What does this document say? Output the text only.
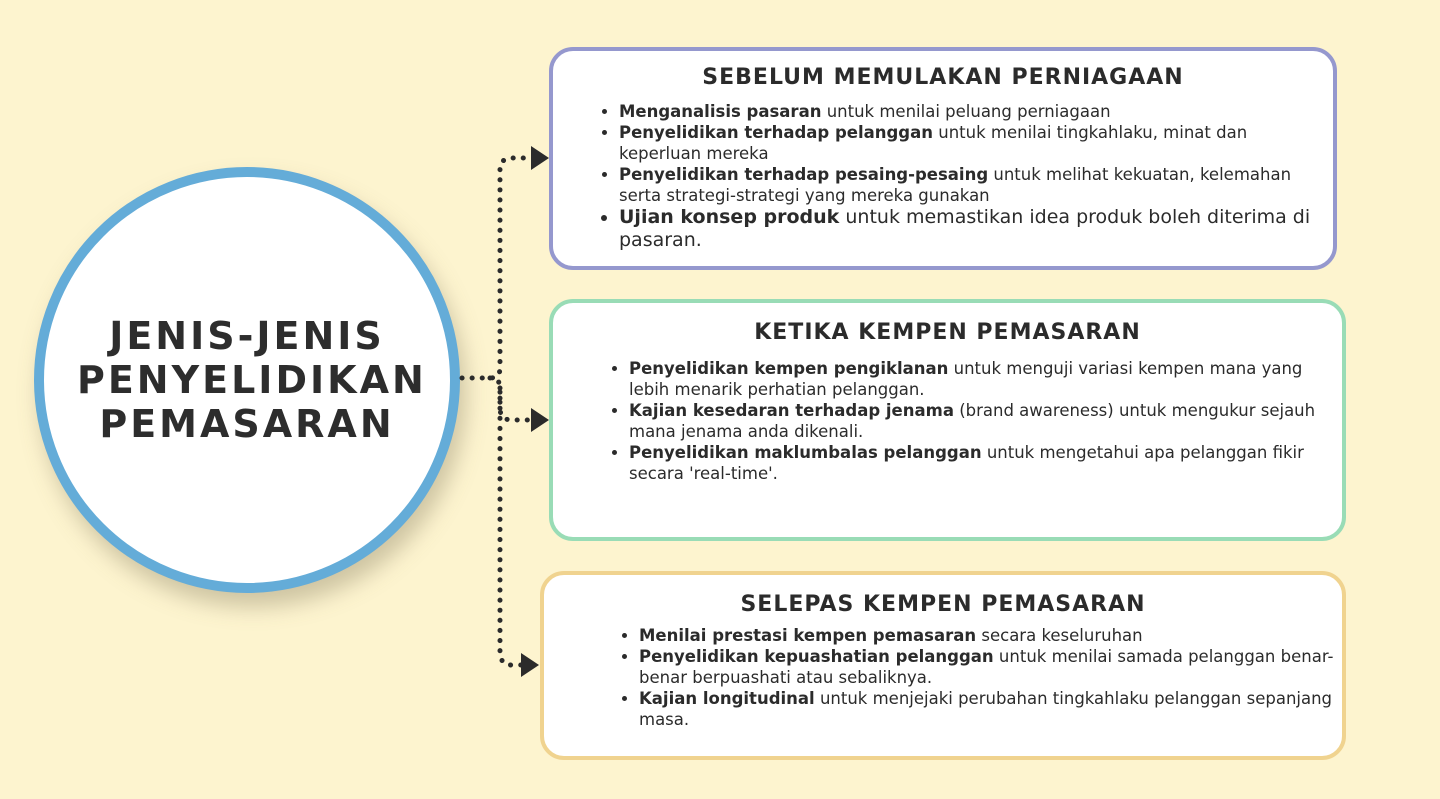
JENIS-JENIS
PENYELIDIKAN
PEMASARAN
SEBELUM MEMULAKAN PERNIAGAAN
• Menganalisis pasaran untuk menilai peluang perniagaan
• Penyelidikan terhadap pelanggan untuk menilai tingkahlaku, minat dan keperluan mereka
• Penyelidikan terhadap pesaing-pesaing untuk melihat kekuatan, kelemahan serta strategi-strategi yang mereka gunakan
• Ujian konsep produk untuk memastikan idea produk boleh diterima di pasaran.
KETIKA KEMPEN PEMASARAN
• Penyelidikan kempen pengiklanan untuk menguji variasi kempen mana yang lebih menarik perhatian pelanggan.
• Kajian kesedaran terhadap jenama (brand awareness) untuk mengukur sejauh mana jenama anda dikenali.
• Penyelidikan maklumbalas pelanggan untuk mengetahui apa pelanggan fikir secara 'real-time'.
SELEPAS KEMPEN PEMASARAN
• Menilai prestasi kempen pemasaran secara keseluruhan
• Penyelidikan kepuashatian pelanggan untuk menilai samada pelanggan benar-benar berpuashati atau sebaliknya.
• Kajian longitudinal untuk menjejaki perubahan tingkahlaku pelanggan sepanjang masa.
